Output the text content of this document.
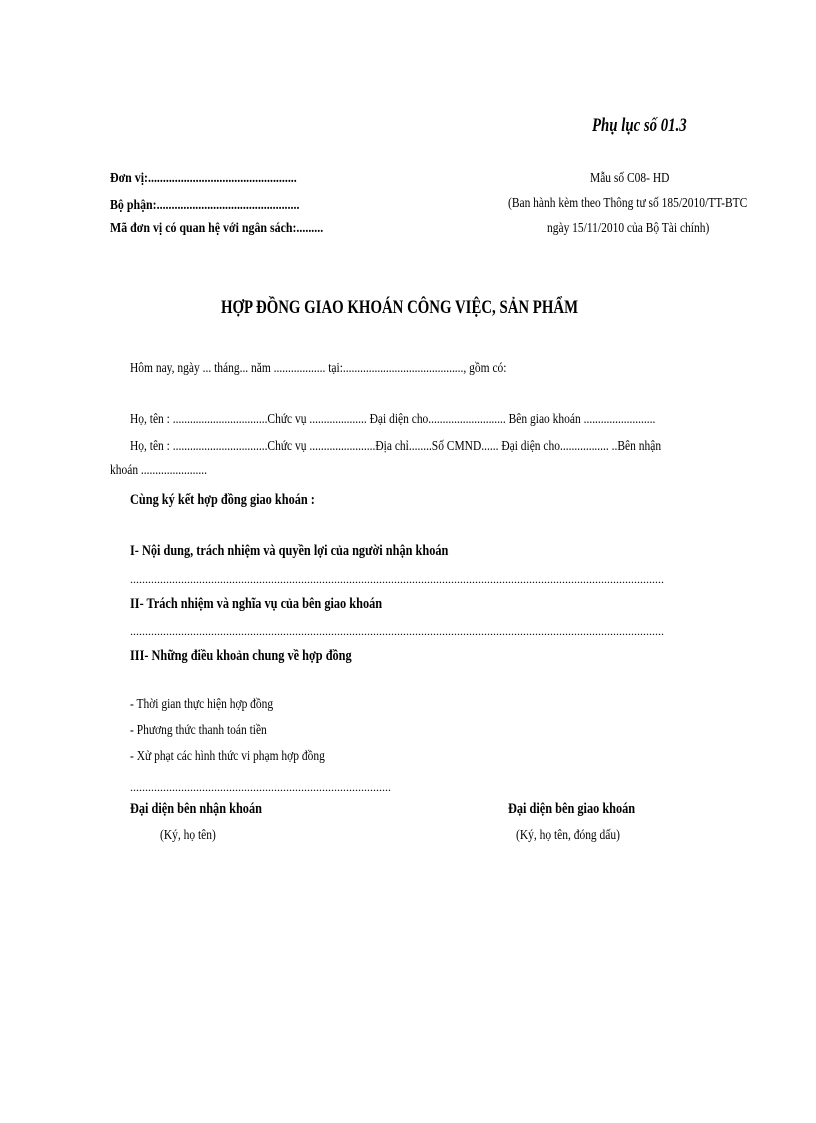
Phụ lục số 01.3
Đơn vị:..................................................
Bộ phận:................................................
Mã đơn vị có quan hệ với ngân sách:.........
Mẫu số C08- HD
(Ban hành kèm theo Thông tư số 185/2010/TT-BTC
ngày 15/11/2010 của Bộ Tài chính)
HỢP ĐỒNG GIAO KHOÁN CÔNG VIỆC, SẢN PHẨM
Hôm nay, ngày ... tháng... năm .................. tại:.........................................., gồm có:
Họ, tên : .................................Chức vụ .................... Đại diện cho........................... Bên giao khoán .........................
Họ, tên : .................................Chức vụ .......................Địa chỉ........Số CMND...... Đại diện cho................. ..Bên nhận
khoán .......................
Cùng ký kết hợp đồng giao khoán :
I- Nội dung, trách nhiệm và quyền lợi của người nhận khoán
..................................................................................................................................................................................
II- Trách nhiệm và nghĩa vụ của bên giao khoán
..................................................................................................................................................................................
III- Những điều khoản chung về hợp đồng
- Thời gian thực hiện hợp đồng
- Phương thức thanh toán tiền
- Xử phạt các hình thức vi phạm hợp đồng
.......................................................................................
Đại diện bên nhận khoán
(Ký, họ tên)
Đại diện bên giao khoán
(Ký, họ tên, đóng dấu)
